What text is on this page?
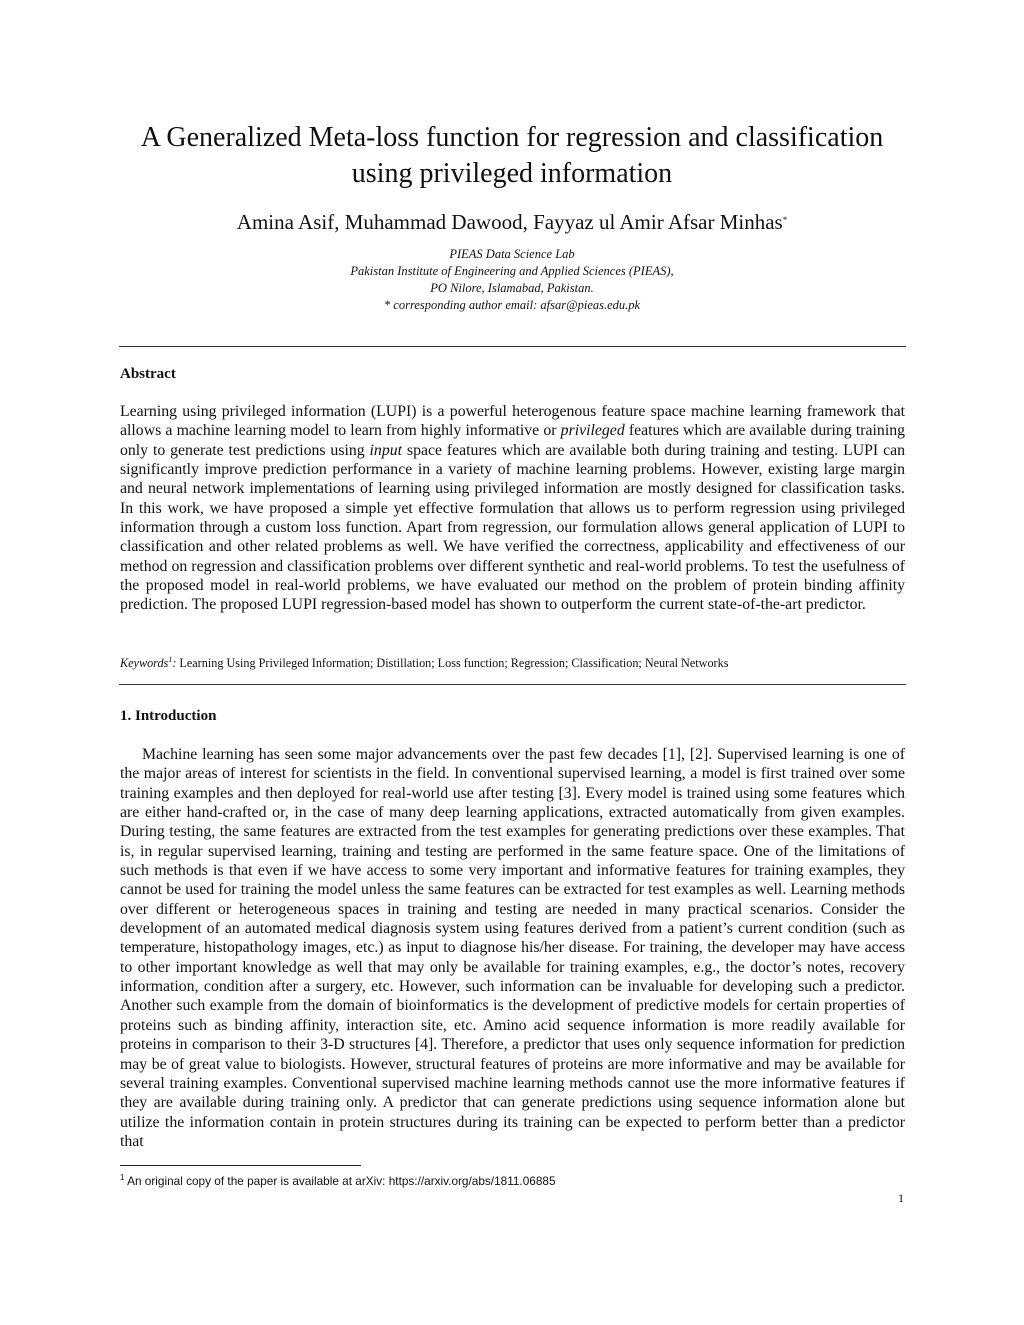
A Generalized Meta-loss function for regression and classification
using privileged information
Amina Asif, Muhammad Dawood, Fayyaz ul Amir Afsar Minhas*
PIEAS Data Science Lab
Pakistan Institute of Engineering and Applied Sciences (PIEAS),
PO Nilore, Islamabad, Pakistan.
* corresponding author email: afsar@pieas.edu.pk
Abstract
Learning using privileged information (LUPI) is a powerful heterogenous feature space machine learning framework that allows a machine learning model to learn from highly informative or privileged features which are available during training only to generate test predictions using input space features which are available both during training and testing. LUPI can significantly improve prediction performance in a variety of machine learning problems. However, existing large margin and neural network implementations of learning using privileged information are mostly designed for classification tasks. In this work, we have proposed a simple yet effective formulation that allows us to perform regression using privileged information through a custom loss function. Apart from regression, our formulation allows general application of LUPI to classification and other related problems as well. We have verified the correctness, applicability and effectiveness of our method on regression and classification problems over different synthetic and real-world problems. To test the usefulness of the proposed model in real-world problems, we have evaluated our method on the problem of protein binding affinity prediction. The proposed LUPI regression-based model has shown to outperform the current state-of-the-art predictor.
Keywords$^1$: Learning Using Privileged Information; Distillation; Loss function; Regression; Classification; Neural Networks
1. Introduction
Machine learning has seen some major advancements over the past few decades [1], [2]. Supervised learning is one of the major areas of interest for scientists in the field. In conventional supervised learning, a model is first trained over some training examples and then deployed for real-world use after testing [3]. Every model is trained using some features which are either hand-crafted or, in the case of many deep learning applications, extracted automatically from given examples. During testing, the same features are extracted from the test examples for generating predictions over these examples. That is, in regular supervised learning, training and testing are performed in the same feature space. One of the limitations of such methods is that even if we have access to some very important and informative features for training examples, they cannot be used for training the model unless the same features can be extracted for test examples as well. Learning methods over different or heterogeneous spaces in training and testing are needed in many practical scenarios. Consider the development of an automated medical diagnosis system using features derived from a patient’s current condition (such as temperature, histopathology images, etc.) as input to diagnose his/her disease. For training, the developer may have access to other important knowledge as well that may only be available for training examples, e.g., the doctor’s notes, recovery information, condition after a surgery, etc. However, such information can be invaluable for developing such a predictor. Another such example from the domain of bioinformatics is the development of predictive models for certain properties of proteins such as binding affinity, interaction site, etc. Amino acid sequence information is more readily available for proteins in comparison to their 3-D structures [4]. Therefore, a predictor that uses only sequence information for prediction may be of great value to biologists. However, structural features of proteins are more informative and may be available for several training examples. Conventional supervised machine learning methods cannot use the more informative features if they are available during training only. A predictor that can generate predictions using sequence information alone but utilize the information contain in protein structures during its training can be expected to perform better than a predictor that
$^1$ An original copy of the paper is available at arXiv: https://arxiv.org/abs/1811.06885
1
